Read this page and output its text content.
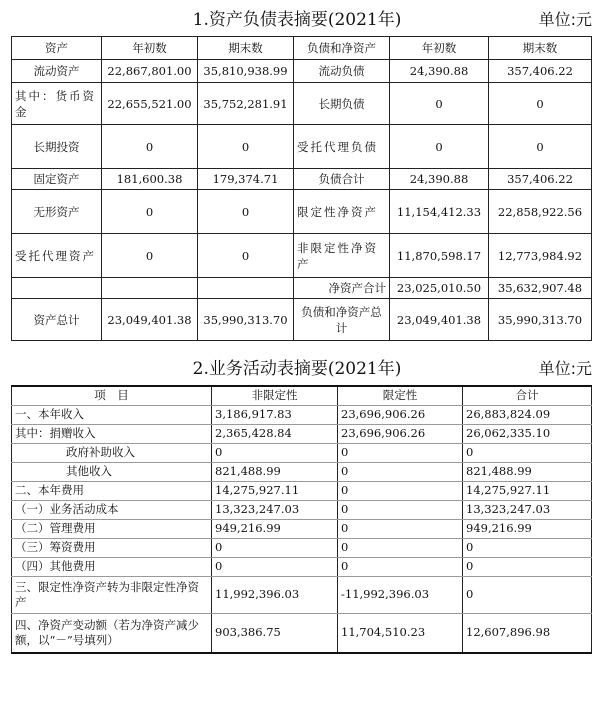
1.资产负债表摘要(2021年)	单位:元
资产	年初数	期末数	负债和净资产	年初数	期末数
流动资产	22,867,801.00	35,810,938.99	流动负债	24,390.88	357,406.22
其中：货币资金	22,655,521.00	35,752,281.91	长期负债	0	0
长期投资	0	0	受托代理负债	0	0
固定资产	181,600.38	179,374.71	负债合计	24,390.88	357,406.22
无形资产	0	0	限定性净资产	11,154,412.33	22,858,922.56
受托代理资产	0	0	非限定性净资产	11,870,598.17	12,773,984.92
			净资产合计	23,025,010.50	35,632,907.48
资产总计	23,049,401.38	35,990,313.70	负债和净资产总计	23,049,401.38	35,990,313.70
2.业务活动表摘要(2021年)	单位:元
项　目	非限定性	限定性	合计
一、本年收入	3,186,917.83	23,696,906.26	26,883,824.09
其中：捐赠收入	2,365,428.84	23,696,906.26	26,062,335.10
政府补助收入	0	0	0
其他收入	821,488.99	0	821,488.99
二、本年费用	14,275,927.11	0	14,275,927.11
（一）业务活动成本	13,323,247.03	0	13,323,247.03
（二）管理费用	949,216.99	0	949,216.99
（三）筹资费用	0	0	0
（四）其他费用	0	0	0
三、限定性净资产转为非限定性净资产	11,992,396.03	-11,992,396.03	0
四、净资产变动额（若为净资产减少额，以“－”号填列）	903,386.75	11,704,510.23	12,607,896.98
